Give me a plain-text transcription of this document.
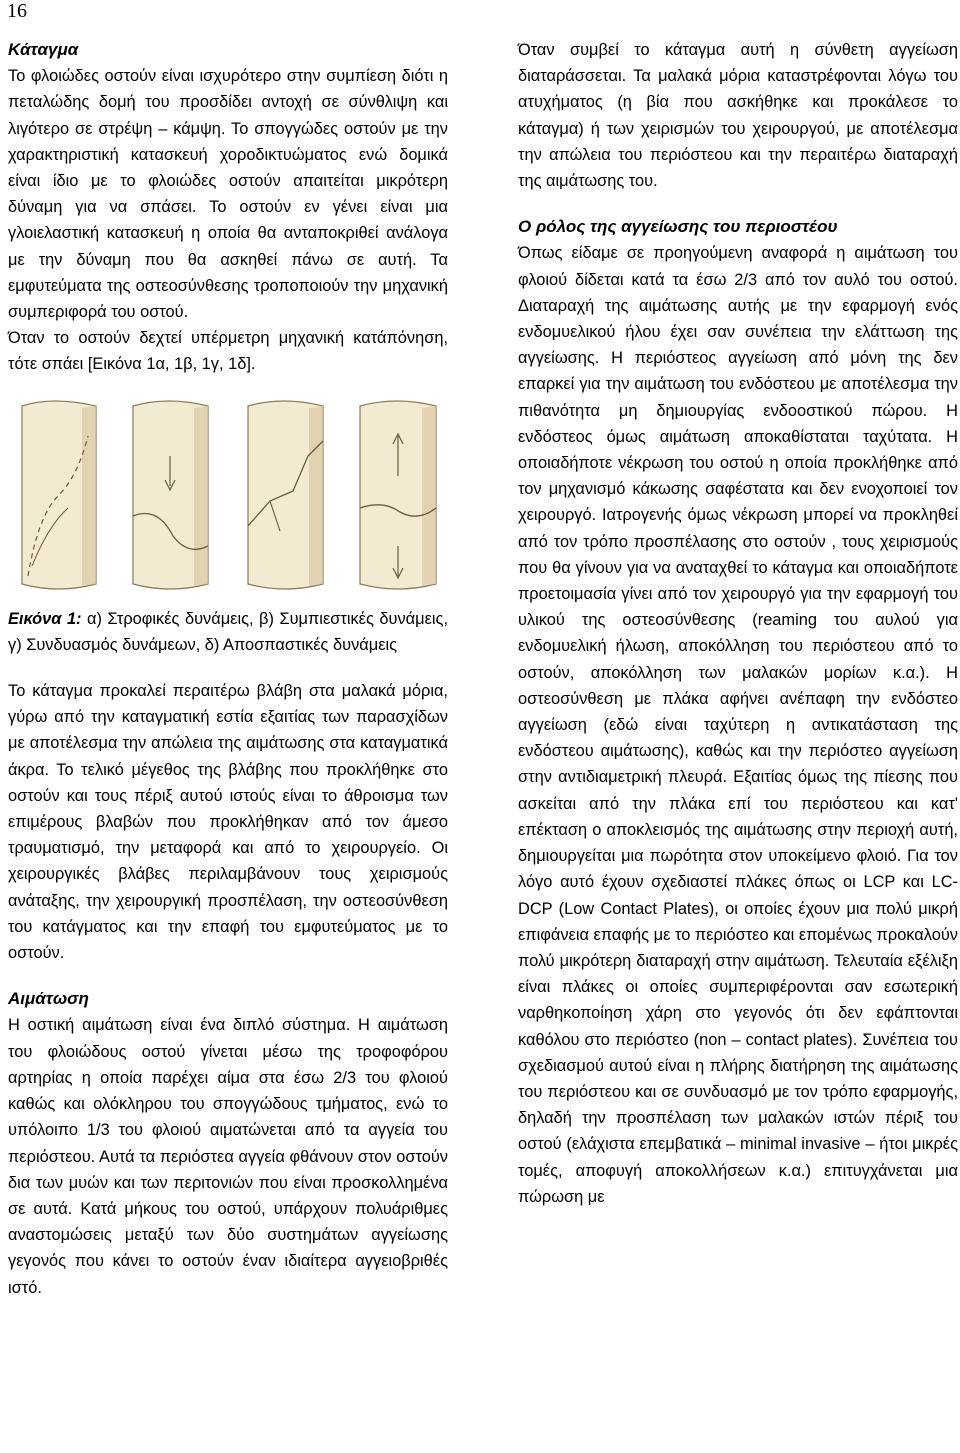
16

Κάταγμα

Το φλοιώδες οστούν είναι ισχυρότερο στην συμπίεση διότι η πεταλώδης δομή του προσδίδει αντοχή σε σύνθλιψη και λιγότερο σε στρέψη – κάμψη. Το σπογγώδες οστούν με την χαρακτηριστική κατασκευή χοροδικτυώματος ενώ δομικά είναι ίδιο με το φλοιώδες οστούν απαιτείται μικρότερη δύναμη για να σπάσει. Το οστούν εν γένει είναι μια γλοιελαστική κατασκευή η οποία θα ανταποκριθεί ανάλογα με την δύναμη που θα ασκηθεί πάνω σε αυτή. Τα εμφυτεύματα της οστεοσύνθεσης τροποποιούν την μηχανική συμπεριφορά του οστού.

Όταν το οστούν δεχτεί υπέρμετρη μηχανική κατάπόνηση, τότε σπάει [Εικόνα 1α, 1β, 1γ, 1δ].

Εικόνα 1: α) Στροφικές δυνάμεις, β) Συμπιεστικές δυνάμεις, γ) Συνδυασμός δυνάμεων, δ) Αποσπαστικές δυνάμεις

Το κάταγμα προκαλεί περαιτέρω βλάβη στα μαλακά μόρια, γύρω από την καταγματική εστία εξαιτίας των παρασχίδων με αποτέλεσμα την απώλεια της αιμάτωσης στα καταγματικά άκρα. Το τελικό μέγεθος της βλάβης που προκλήθηκε στο οστούν και τους πέριξ αυτού ιστούς είναι το άθροισμα των επιμέρους βλαβών που προκλήθηκαν από τον άμεσο τραυματισμό, την μεταφορά και από το χειρουργείο. Οι χειρουργικές βλάβες περιλαμβάνουν τους χειρισμούς ανάταξης, την χειρουργική προσπέλαση, την οστεοσύνθεση του κατάγματος και την επαφή του εμφυτεύματος με το οστούν.

Αιμάτωση

Η οστική αιμάτωση είναι ένα διπλό σύστημα. Η αιμάτωση του φλοιώδους οστού γίνεται μέσω της τροφοφόρου αρτηρίας η οποία παρέχει αίμα στα έσω 2/3 του φλοιού καθώς και ολόκληρου του σπογγώδους τμήματος, ενώ το υπόλοιπο 1/3 του φλοιού αιματώνεται από τα αγγεία του περιόστεου. Αυτά τα περιόστεα αγγεία φθάνουν στον οστούν δια των μυών και των περιτονιών που είναι προσκολλημένα σε αυτά. Κατά μήκους του οστού, υπάρχουν πολυάριθμες αναστομώσεις μεταξύ των δύο συστημάτων αγγείωσης γεγονός που κάνει το οστούν έναν ιδιαίτερα αγγειοβριθές ιστό.

Όταν συμβεί το κάταγμα αυτή η σύνθετη αγγείωση διαταράσσεται. Τα μαλακά μόρια καταστρέφονται λόγω του ατυχήματος (η βία που ασκήθηκε και προκάλεσε το κάταγμα) ή των χειρισμών του χειρουργού, με αποτέλεσμα την απώλεια του περιόστεου και την περαιτέρω διαταραχή της αιμάτωσης του.

Ο ρόλος της αγγείωσης του περιοστέου

Όπως είδαμε σε προηγούμενη αναφορά η αιμάτωση του φλοιού δίδεται κατά τα έσω 2/3 από τον αυλό του οστού. Διαταραχή της αιμάτωσης αυτής με την εφαρμογή ενός ενδομυελικού ήλου έχει σαν συνέπεια την ελάττωση της αγγείωσης. Η περιόστεος αγγείωση από μόνη της δεν επαρκεί για την αιμάτωση του ενδόστεου με αποτέλεσμα την πιθανότητα μη δημιουργίας ενδοοστικού πώρου. Η ενδόστεος όμως αιμάτωση αποκαθίσταται ταχύτατα. Η οποιαδήποτε νέκρωση του οστού η οποία προκλήθηκε από τον μηχανισμό κάκωσης σαφέστατα και δεν ενοχοποιεί τον χειρουργό. Ιατρογενής όμως νέκρωση μπορεί να προκληθεί από τον τρόπο προσπέλασης στο οστούν , τους χειρισμούς που θα γίνουν για να αναταχθεί το κάταγμα και οποιαδήποτε προετοιμασία γίνει από τον χειρουργό για την εφαρμογή του υλικού της οστεοσύνθεσης (reaming του αυλού για ενδομυελική ήλωση, αποκόλληση του περιόστεου από το οστούν, αποκόλληση των μαλακών μορίων κ.α.). Η οστεοσύνθεση με πλάκα αφήνει ανέπαφη την ενδόστεο αγγείωση (εδώ είναι ταχύτερη η αντικατάσταση της ενδόστεου αιμάτωσης), καθώς και την περιόστεο αγγείωση στην αντιδιαμετρική πλευρά. Εξαιτίας όμως της πίεσης που ασκείται από την πλάκα επί του περιόστεου και κατ' επέκταση ο αποκλεισμός της αιμάτωσης στην περιοχή αυτή, δημιουργείται μια πωρότητα στον υποκείμενο φλοιό. Για τον λόγο αυτό έχουν σχεδιαστεί πλάκες όπως οι LCP και LC-DCP (Low Contact Plates), οι οποίες έχουν μια πολύ μικρή επιφάνεια επαφής με το περιόστεο και επομένως προκαλούν πολύ μικρότερη διαταραχή στην αιμάτωση. Τελευταία εξέλιξη είναι πλάκες οι οποίες συμπεριφέρονται σαν εσωτερική ναρθηκοποίηση χάρη στο γεγονός ότι δεν εφάπτονται καθόλου στο περιόστεο (non – contact plates). Συνέπεια του σχεδιασμού αυτού είναι η πλήρης διατήρηση της αιμάτωσης του περιόστεου και σε συνδυασμό με τον τρόπο εφαρμογής, δηλαδή την προσπέλαση των μαλακών ιστών πέριξ του οστού (ελάχιστα επεμβατικά – minimal invasive – ήτοι μικρές τομές, αποφυγή αποκολλήσεων κ.α.) επιτυγχάνεται μια πώρωση με
